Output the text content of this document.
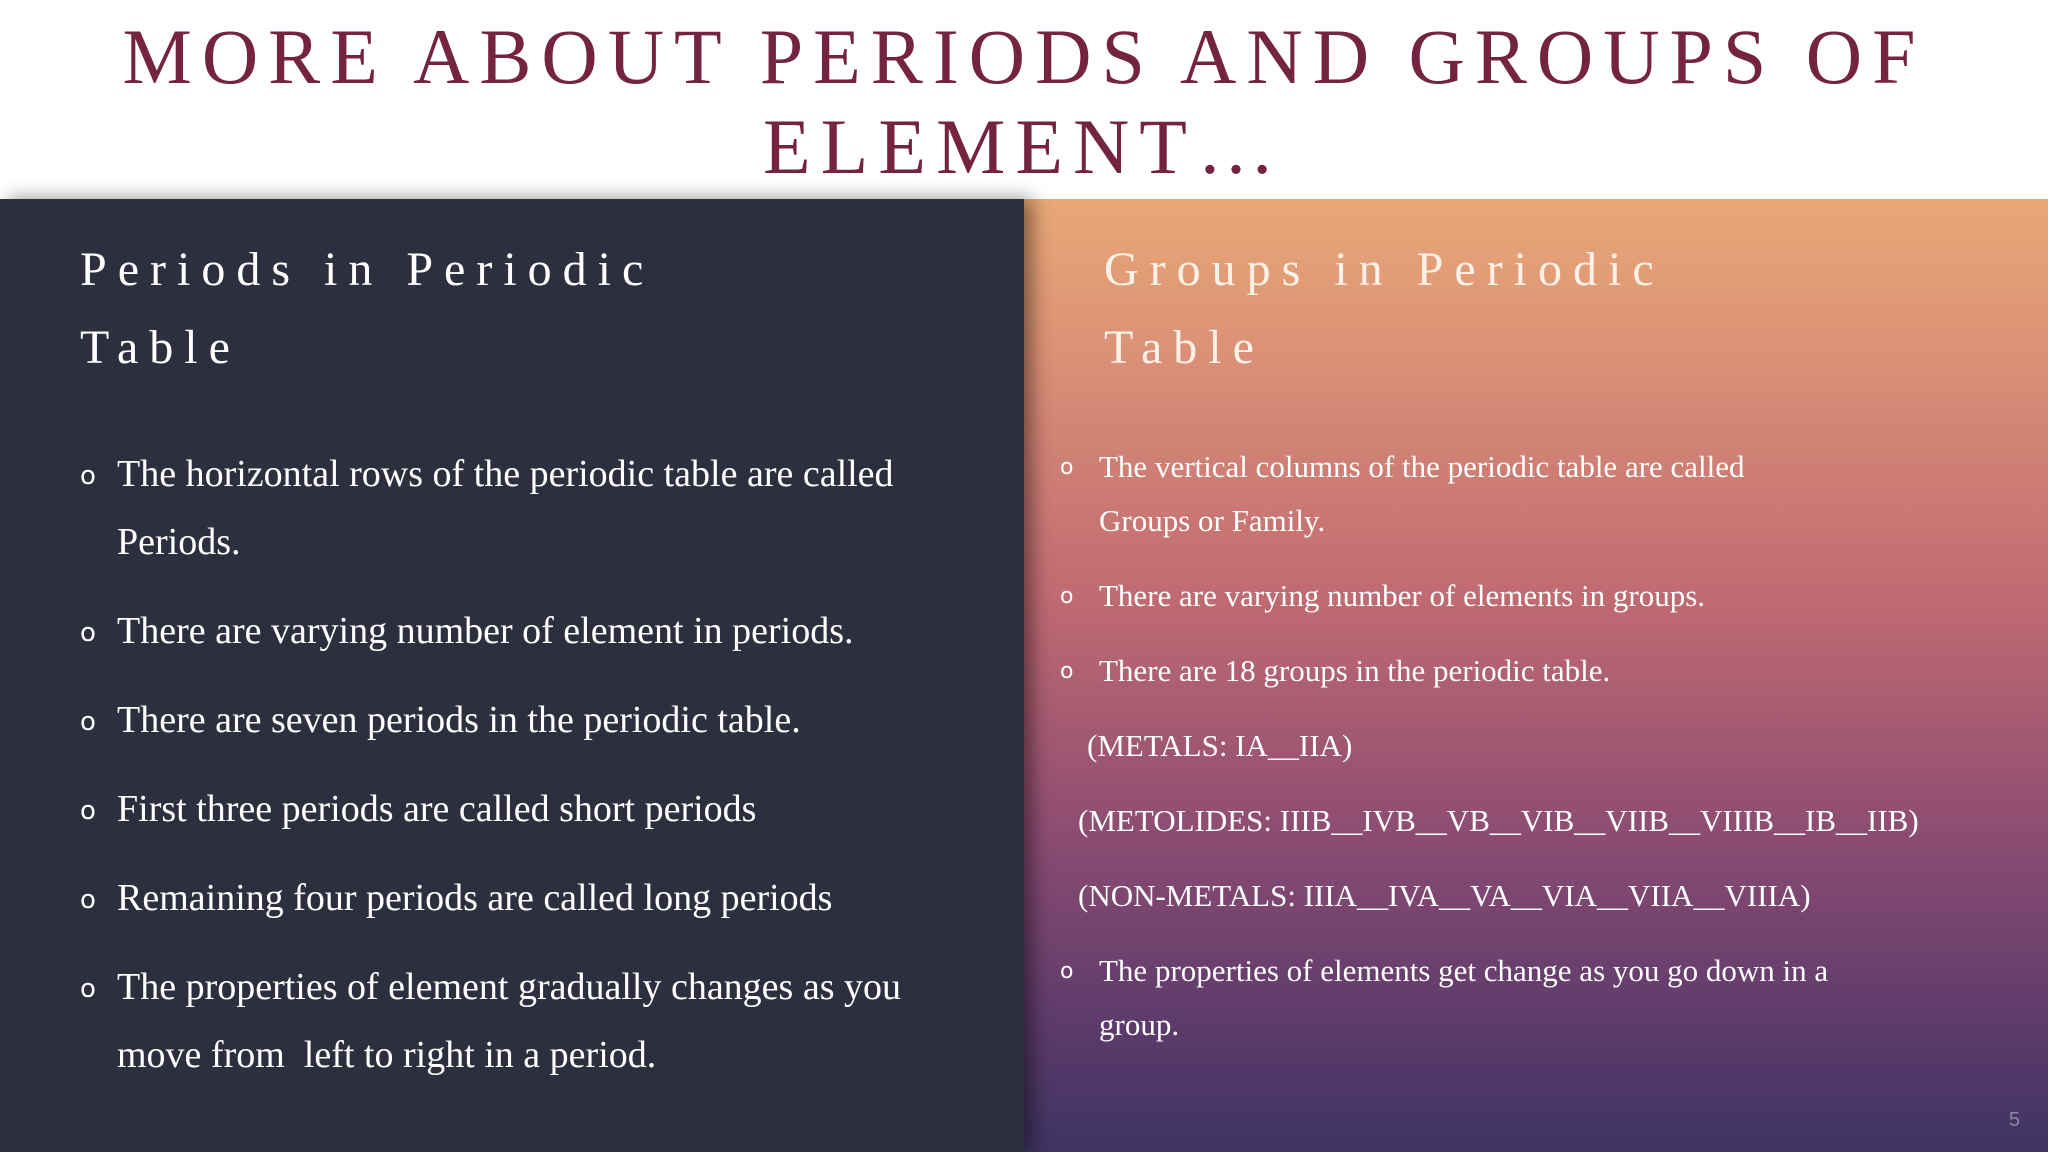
MORE ABOUT PERIODS AND GROUPS OF
ELEMENT…
Periods in Periodic
Table
o The horizontal rows of the periodic table are called
Periods.
o There are varying number of element in periods.
o There are seven periods in the periodic table.
o First three periods are called short periods
o Remaining four periods are called long periods
o The properties of element gradually changes as you
move from  left to right in a period.
Groups in Periodic
Table
o The vertical columns of the periodic table are called
Groups or Family.
o There are varying number of elements in groups.
o There are 18 groups in the periodic table.
(METALS: IA__IIA)
(METOLIDES: IIIB__IVB__VB__VIB__VIIB__VIIIB__IB__IIB)
(NON-METALS: IIIA__IVA__VA__VIA__VIIA__VIIIA)
o The properties of elements get change as you go down in a
group.
5
